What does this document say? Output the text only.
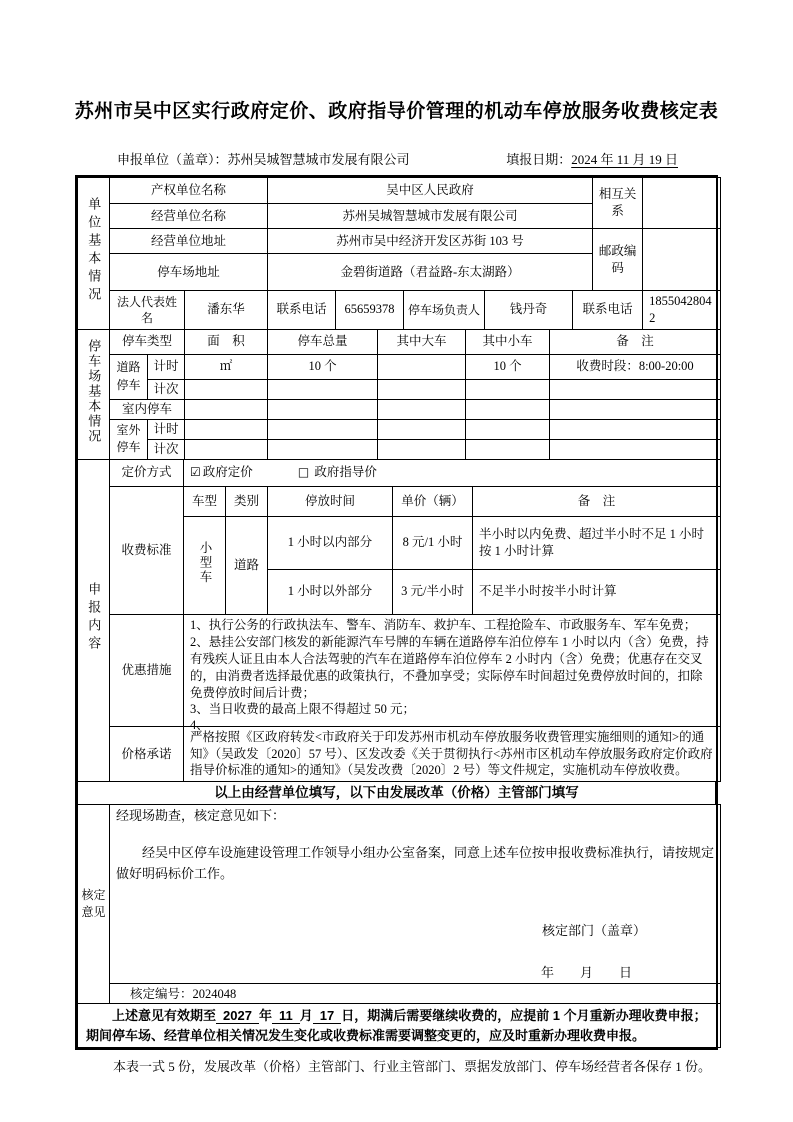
苏州市吴中区实行政府定价、政府指导价管理的机动车停放服务收费核定表
申报单位（盖章）：苏州吴城智慧城市发展有限公司	填报日期：2024 年 11 月 19 日
单位基本情况	产权单位名称		吴中区人民政府					相互关系	
	经营单位名称		苏州吴城智慧城市发展有限公司						
	经营单位地址		苏州市吴中经济开发区苏街 103 号					邮政编码	
	停车场地址		金碧街道路（君益路-东太湖路）						
	法人代表姓名	潘东华	联系电话	65659378	停车场负责人	钱丹奇	联系电话		18550428042
停车场基本情况	停车类型		面　积	停车总量	其中大车	其中小车	备　注
	道路停车	计时	㎡	10 个		10 个	收费时段：8:00-20:00
		计次					
	室内停车						
	室外停车	计时					
		计次					
申报内容	定价方式	☑ 政府定价 □ 政府指导价				
	收费标准	车型	类别	停放时间	单价（辆）	备　注
		小型车	道路	1 小时以内部分	8 元/1 小时	半小时以内免费、超过半小时不足 1 小时按 1 小时计算
				1 小时以外部分	3 元/半小时	不足半小时按半小时计算
	优惠措施	1、执行公务的行政执法车、警车、消防车、救护车、工程抢险车、市政服务车、军车免费；
2、悬挂公安部门核发的新能源汽车号牌的车辆在道路停车泊位停车 1 小时以内（含）免费，持有残疾人证且由本人合法驾驶的汽车在道路停车泊位停车 2 小时内（含）免费；优惠存在交叉的，由消费者选择最优惠的政策执行，不叠加享受；实际停车时间超过免费停放时间的，扣除免费停放时间后计费；
3、当日收费的最高上限不得超过 50 元；
4、				

	价格承诺	严格按照《区政府转发<市政府关于印发苏州市机动车停放服务收费管理实施细则的通知>的通知》（吴政发〔2020〕57 号）、区发改委《关于贯彻执行<苏州市区机动车停放服务政府定价政府指导价标准的通知>的通知》（吴发改费〔2020〕2 号）等文件规定，实施机动车停放收费。				
以上由经营单位填写，以下由发展改革（价格）主管部门填写
核定意见	
经现场勘查，核定意见如下：
经吴中区停车设施建设管理工作领导小组办公室备案，同意上述车位按申报收费标准执行，请按规定做好明码标价工作。
核定部门（盖章）
年　　月　　日

核定编号：2024048
上述意见有效期至 2027 年 11 月 17 日，期满后需要继续收费的，应提前 1 个月重新办理收费申报；期间停车场、经营单位相关情况发生变化或收费标准需要调整变更的，应及时重新办理收费申报。
本表一式 5 份，发展改革（价格）主管部门、行业主管部门、票据发放部门、停车场经营者各保存 1 份。
